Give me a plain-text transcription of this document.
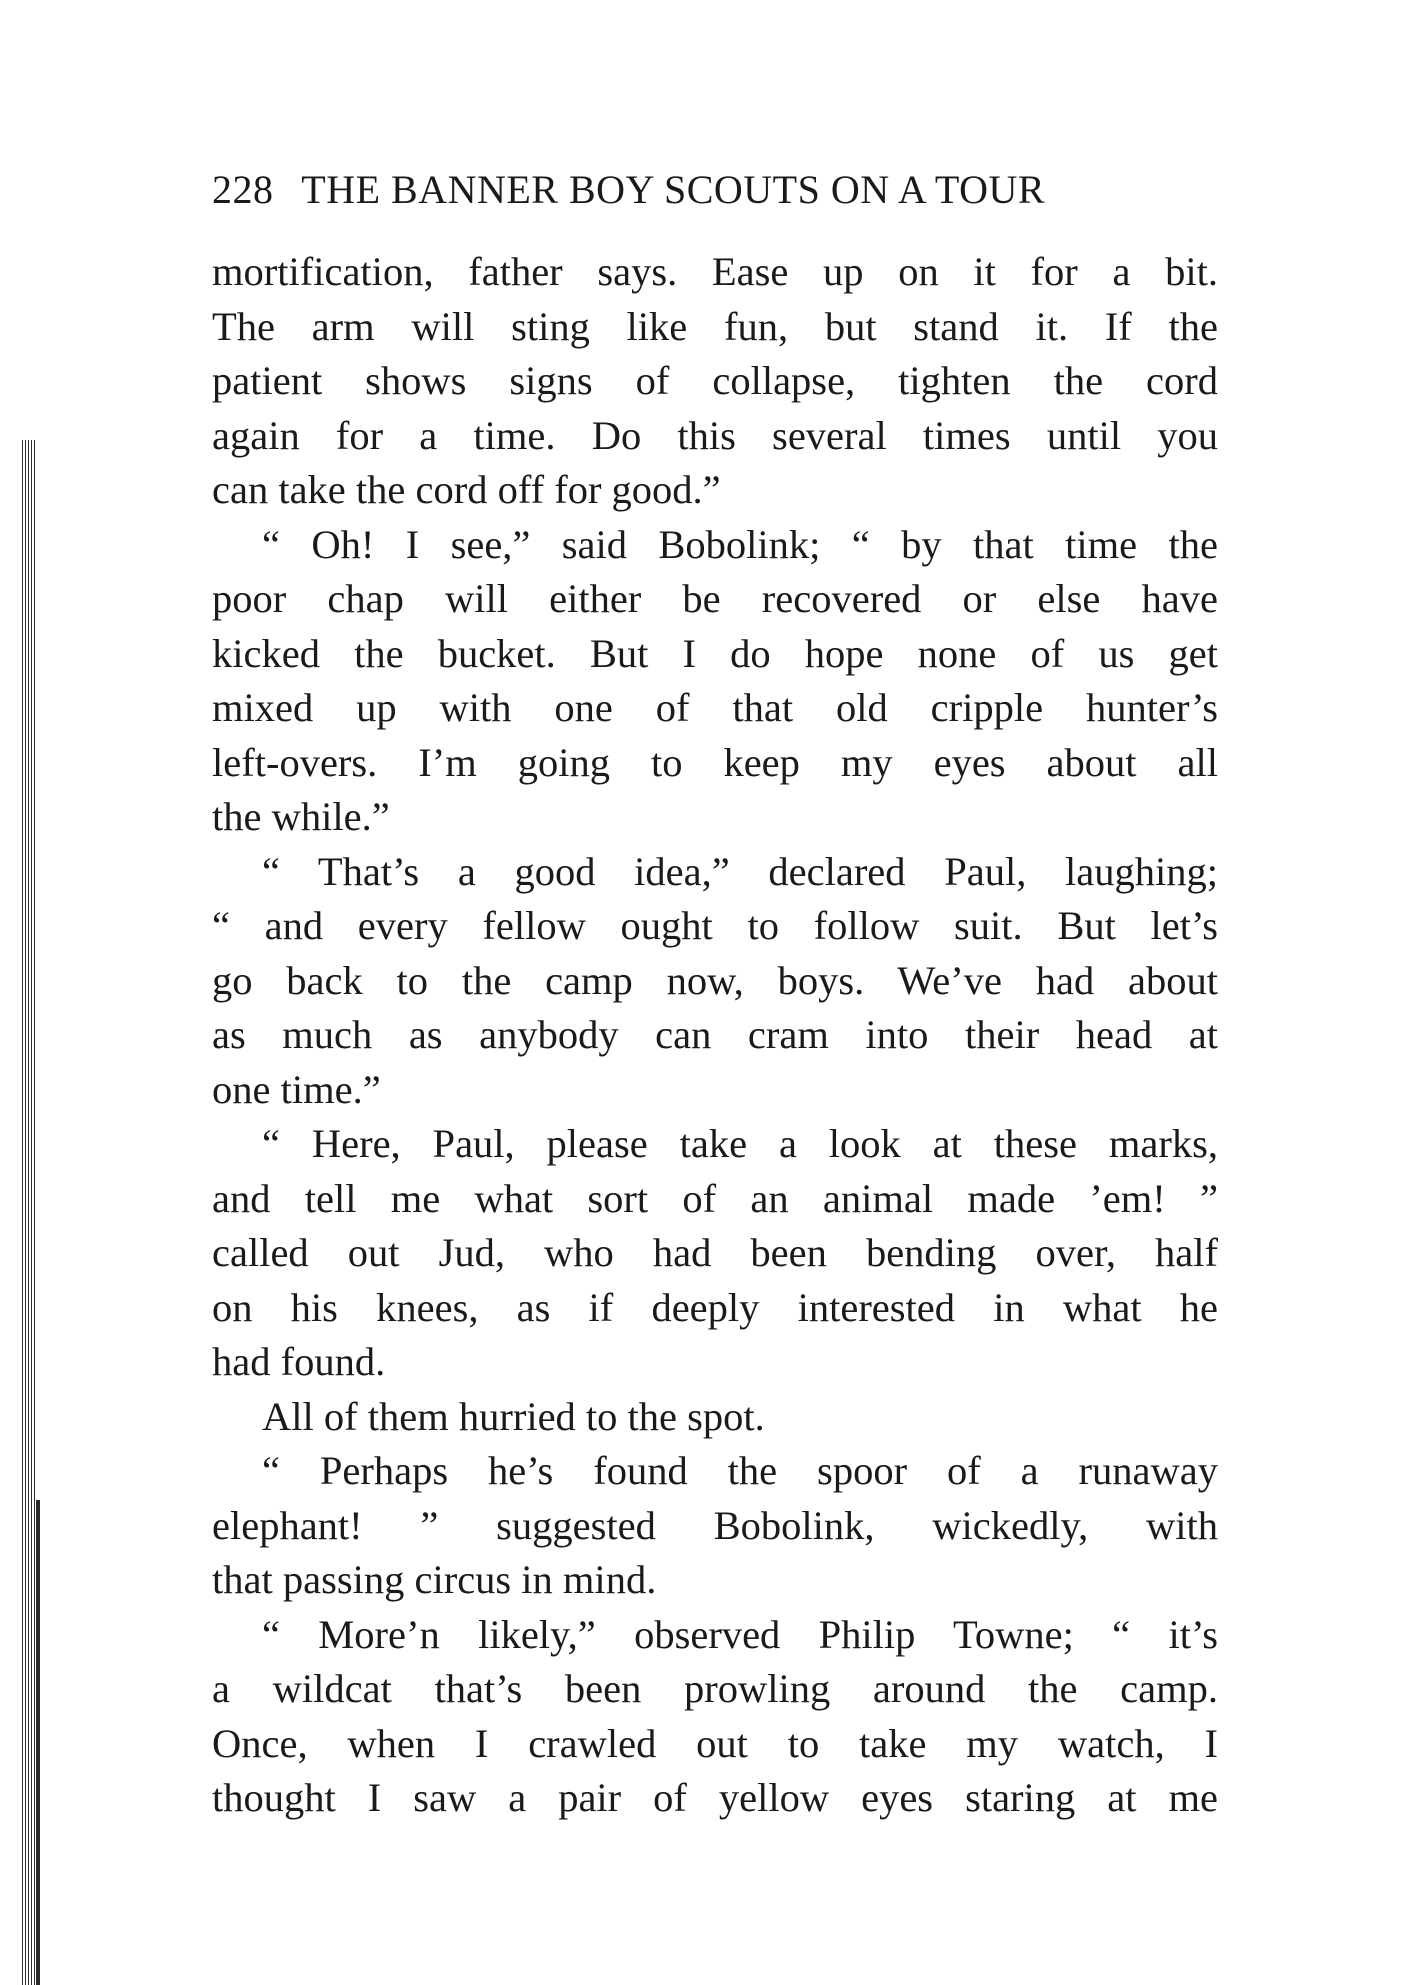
228 THE BANNER BOY SCOUTS ON A TOUR
mortification, father says. Ease up on it for a bit.
The arm will sting like fun, but stand it. If the
patient shows signs of collapse, tighten the cord
again for a time. Do this several times until you
can take the cord off for good.”
“ Oh! I see,” said Bobolink; “ by that time the
poor chap will either be recovered or else have
kicked the bucket. But I do hope none of us get
mixed up with one of that old cripple hunter’s
left-overs. I’m going to keep my eyes about all
the while.”
“ That’s a good idea,” declared Paul, laughing;
“ and every fellow ought to follow suit. But let’s
go back to the camp now, boys. We’ve had about
as much as anybody can cram into their head at
one time.”
“ Here, Paul, please take a look at these marks,
and tell me what sort of an animal made ’em! ”
called out Jud, who had been bending over, half
on his knees, as if deeply interested in what he
had found.
All of them hurried to the spot.
“ Perhaps he’s found the spoor of a runaway
elephant! ” suggested Bobolink, wickedly, with
that passing circus in mind.
“ More’n likely,” observed Philip Towne; “ it’s
a wildcat that’s been prowling around the camp.
Once, when I crawled out to take my watch, I
thought I saw a pair of yellow eyes staring at me
